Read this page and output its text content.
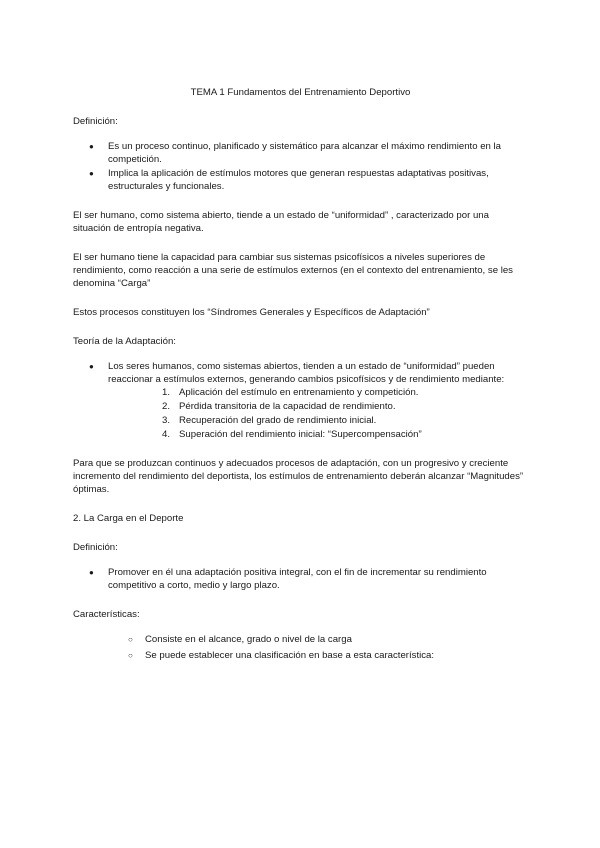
TEMA 1 Fundamentos del Entrenamiento Deportivo

Definición:

● Es un proceso continuo, planificado y sistemático para alcanzar el máximo rendimiento en la competición.
● Implica la aplicación de estímulos motores que generan respuestas adaptativas positivas, estructurales y funcionales.

El ser humano, como sistema abierto, tiende a un estado de “uniformidad” , caracterizado por una situación de entropía negativa.

El ser humano tiene la capacidad para cambiar sus sistemas psicofísicos a niveles superiores de rendimiento, como reacción a una serie de estímulos externos (en el contexto del entrenamiento, se les denomina “Carga”

Estos procesos constituyen los “Síndromes Generales y Específicos de Adaptación”

Teoría de la Adaptación:

● Los seres humanos, como sistemas abiertos, tienden a un estado de “uniformidad” pueden reaccionar a estímulos externos, generando cambios psicofísicos y de rendimiento mediante:
1. Aplicación del estímulo en entrenamiento y competición.
2. Pérdida transitoria de la capacidad de rendimiento.
3. Recuperación del grado de rendimiento inicial.
4. Superación del rendimiento inicial: “Supercompensación”

Para que se produzcan continuos y adecuados procesos de adaptación, con un progresivo y creciente incremento del rendimiento del deportista, los estímulos de entrenamiento deberán alcanzar “Magnitudes” óptimas.

2. La Carga en el Deporte

Definición:

● Promover en él una adaptación positiva integral, con el fin de incrementar su rendimiento competitivo a corto, medio y largo plazo.

Características:

○ Consiste en el alcance, grado o nivel de la carga
○ Se puede establecer una clasificación en base a esta característica:
